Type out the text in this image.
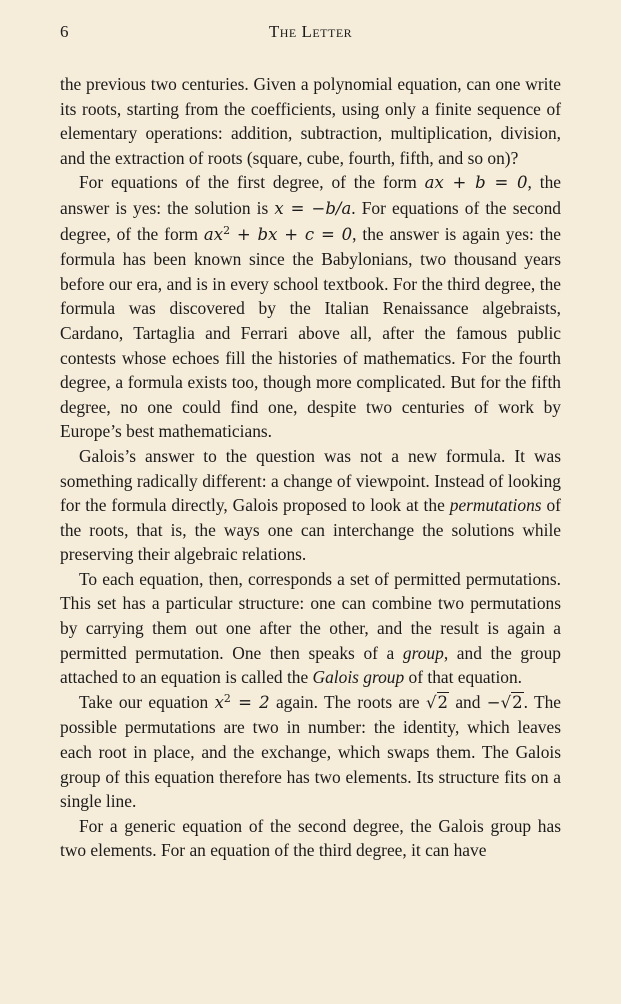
6	The Letter

the previous two centuries. Given a polynomial equation, can one write its roots, starting from the coefficients, using only a finite sequence of elementary operations: addition, subtraction, multiplication, division, and the extraction of roots (square, cube, fourth, fifth, and so on)?

For equations of the first degree, of the form ax + b = 0, the answer is yes: the solution is x = −b/a. For equations of the second degree, of the form $ax^2$ + bx + c = 0, the answer is again yes: the formula has been known since the Babylonians, two thousand years before our era, and is in every school textbook. For the third degree, the formula was discovered by the Italian Renaissance algebraists, Cardano, Tartaglia and Ferrari above all, after the famous public contests whose echoes fill the histories of mathematics. For the fourth degree, a formula exists too, though more complicated. But for the fifth degree, no one could find one, despite two centuries of work by Europe’s best mathematicians.

Galois’s answer to the question was not a new formula. It was something radically different: a change of viewpoint. Instead of looking for the formula directly, Galois proposed to look at the permutations of the roots, that is, the ways one can interchange the solutions while preserving their algebraic relations.

To each equation, then, corresponds a set of permitted permutations. This set has a particular structure: one can combine two permutations by carrying them out one after the other, and the result is again a permitted permutation. One then speaks of a group, and the group attached to an equation is called the Galois group of that equation.

Take our equation $x^2 = 2$ again. The roots are √2 and −√2. The possible permutations are two in number: the identity, which leaves each root in place, and the exchange, which swaps them. The Galois group of this equation therefore has two elements. Its structure fits on a single line.

For a generic equation of the second degree, the Galois group has two elements. For an equation of the third degree, it can have
